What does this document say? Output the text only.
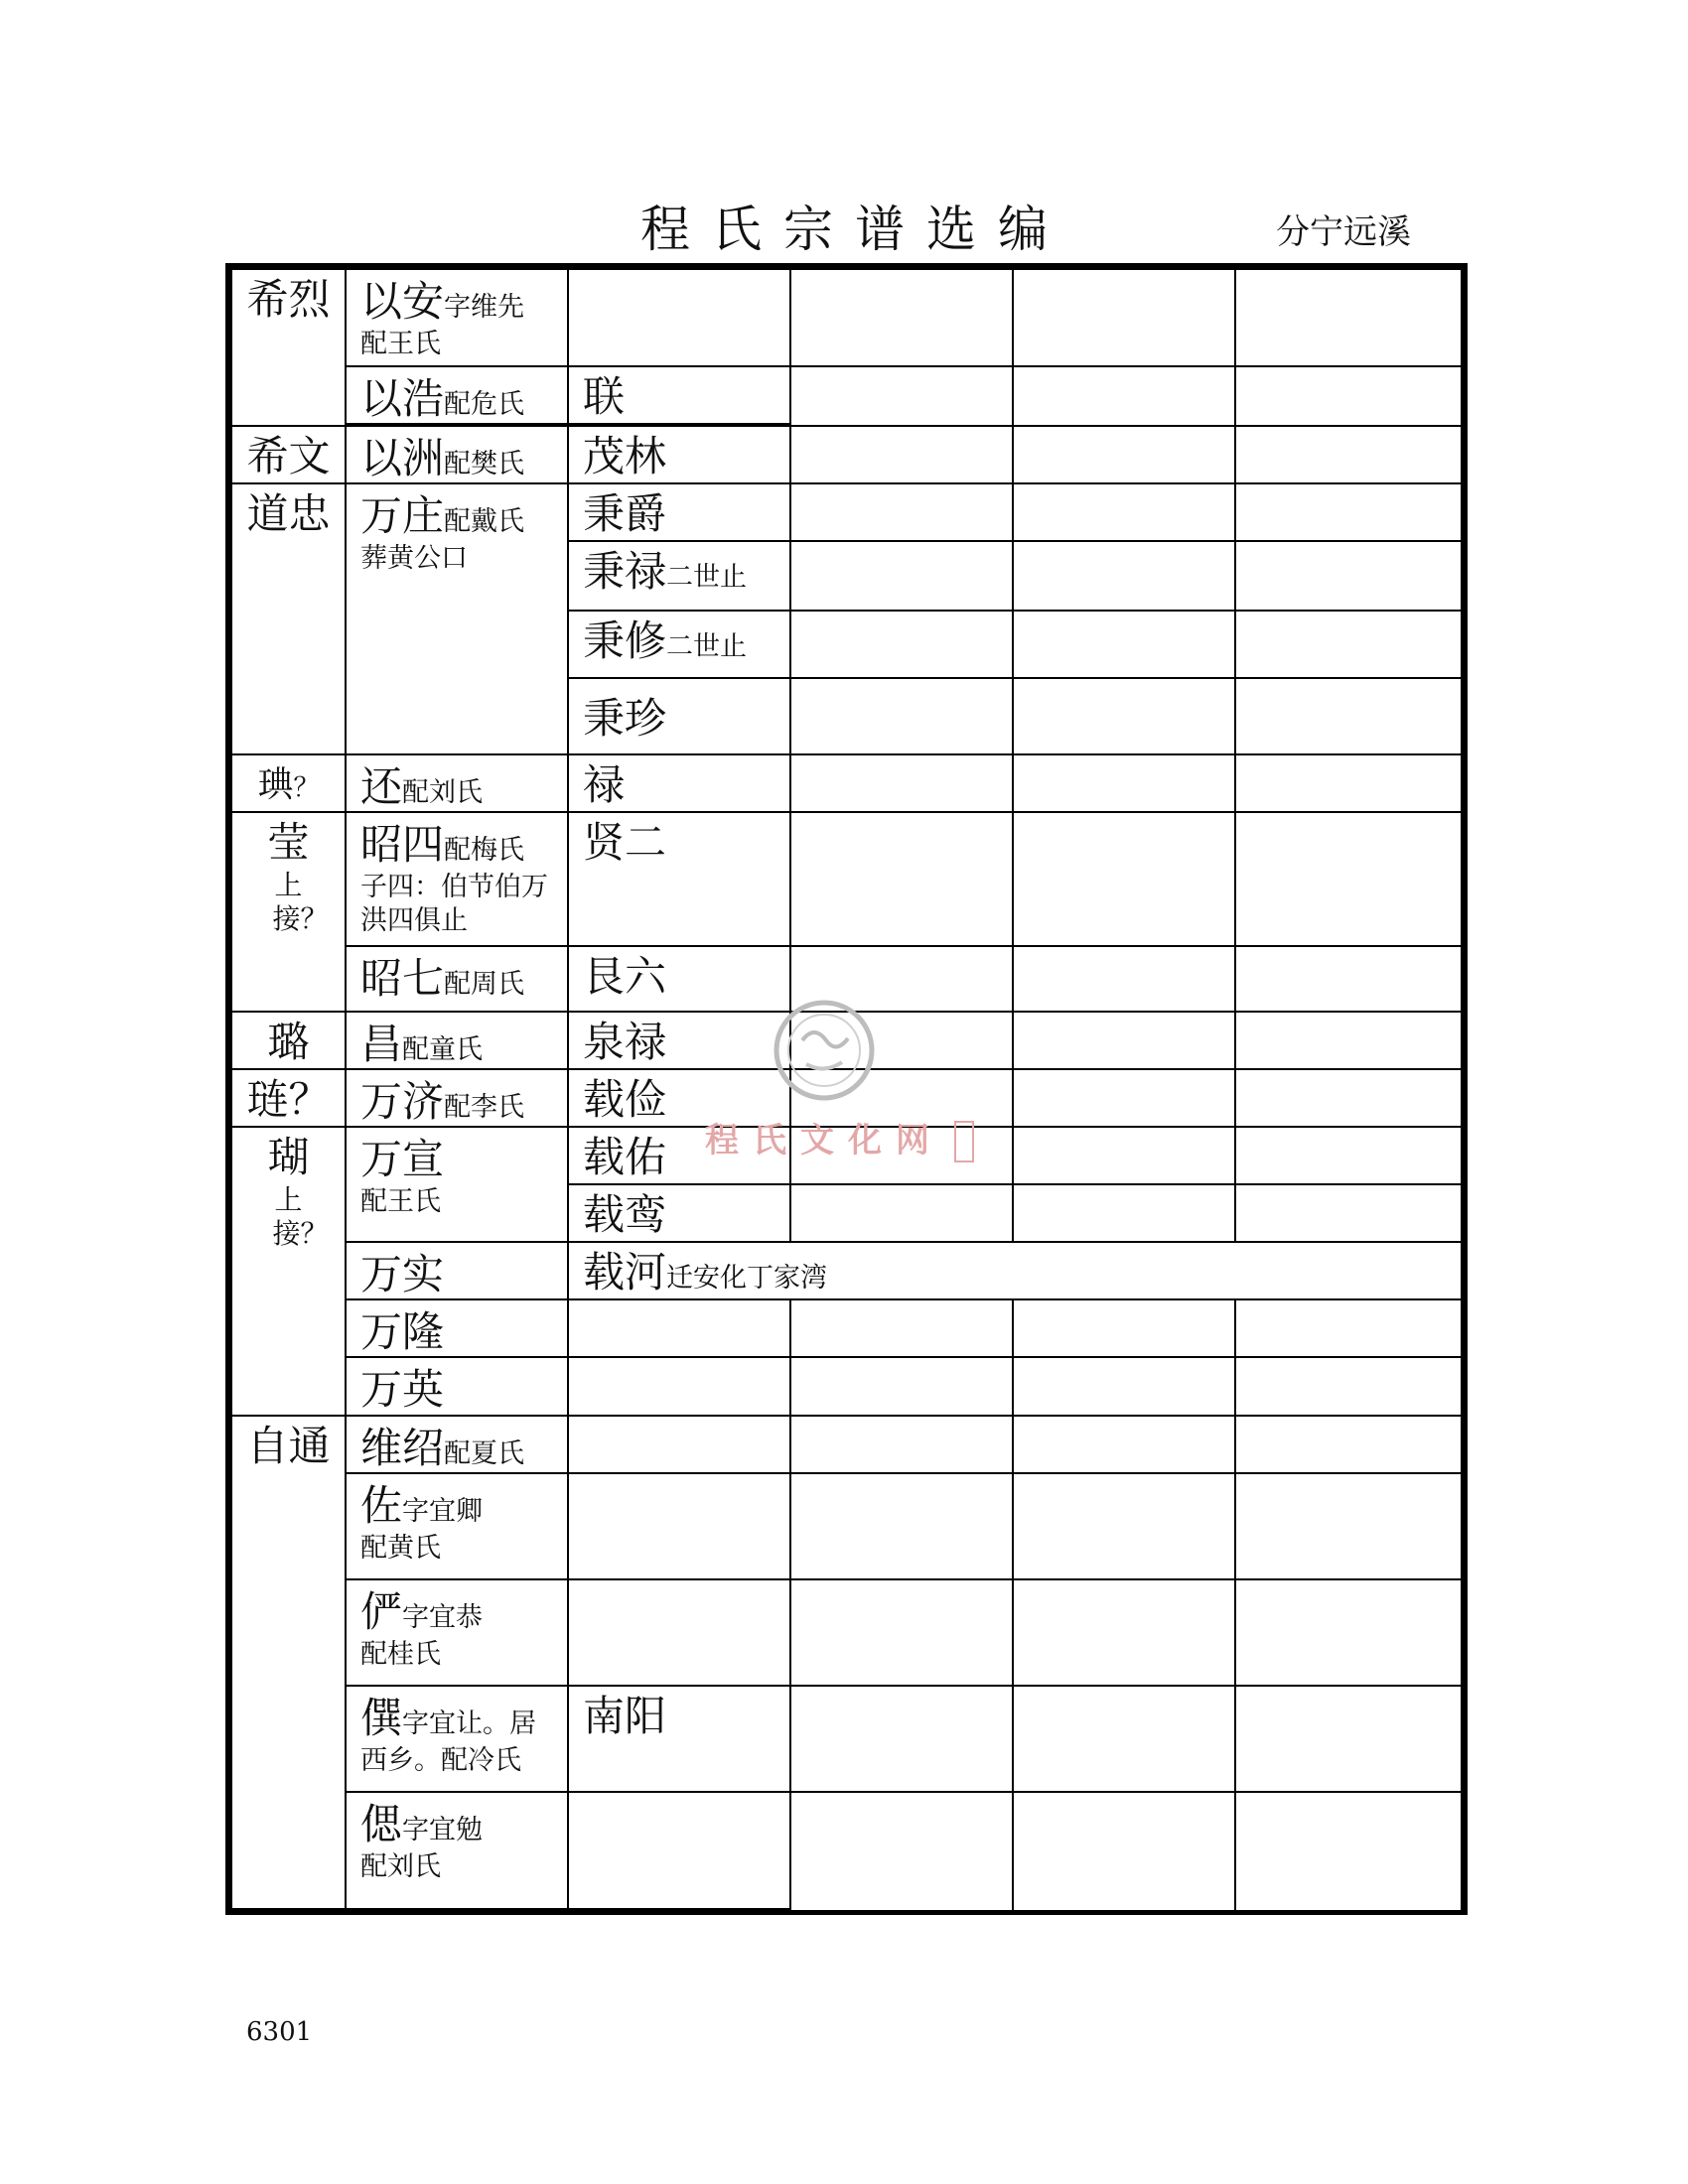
程氏宗谱选编	分宁远溪
希烈
希文
道忠
琠？
莹
上接？
璐
琏？
瑚
上接？
自通
以安字维先
配王氏
以浩配危氏
以洲配樊氏
万庄配戴氏
葬黄公口
还配刘氏
昭四配梅氏
子四：伯节伯万洪四俱止
昭七配周氏
昌配童氏
万济配李氏
万宣
配王氏
万实
万隆
万英
维绍配夏氏
佐字宜卿
配黄氏
俨字宜恭
配桂氏
僎字宜让。居
西乡。配冷氏
偲字宜勉
配刘氏
联
茂林
秉爵
秉禄二世止
秉修二世止
秉珍
禄
贤二
艮六
泉禄
载俭
载佑
载鸾
载河迁安化丁家湾
南阳
程氏文化网
6301
